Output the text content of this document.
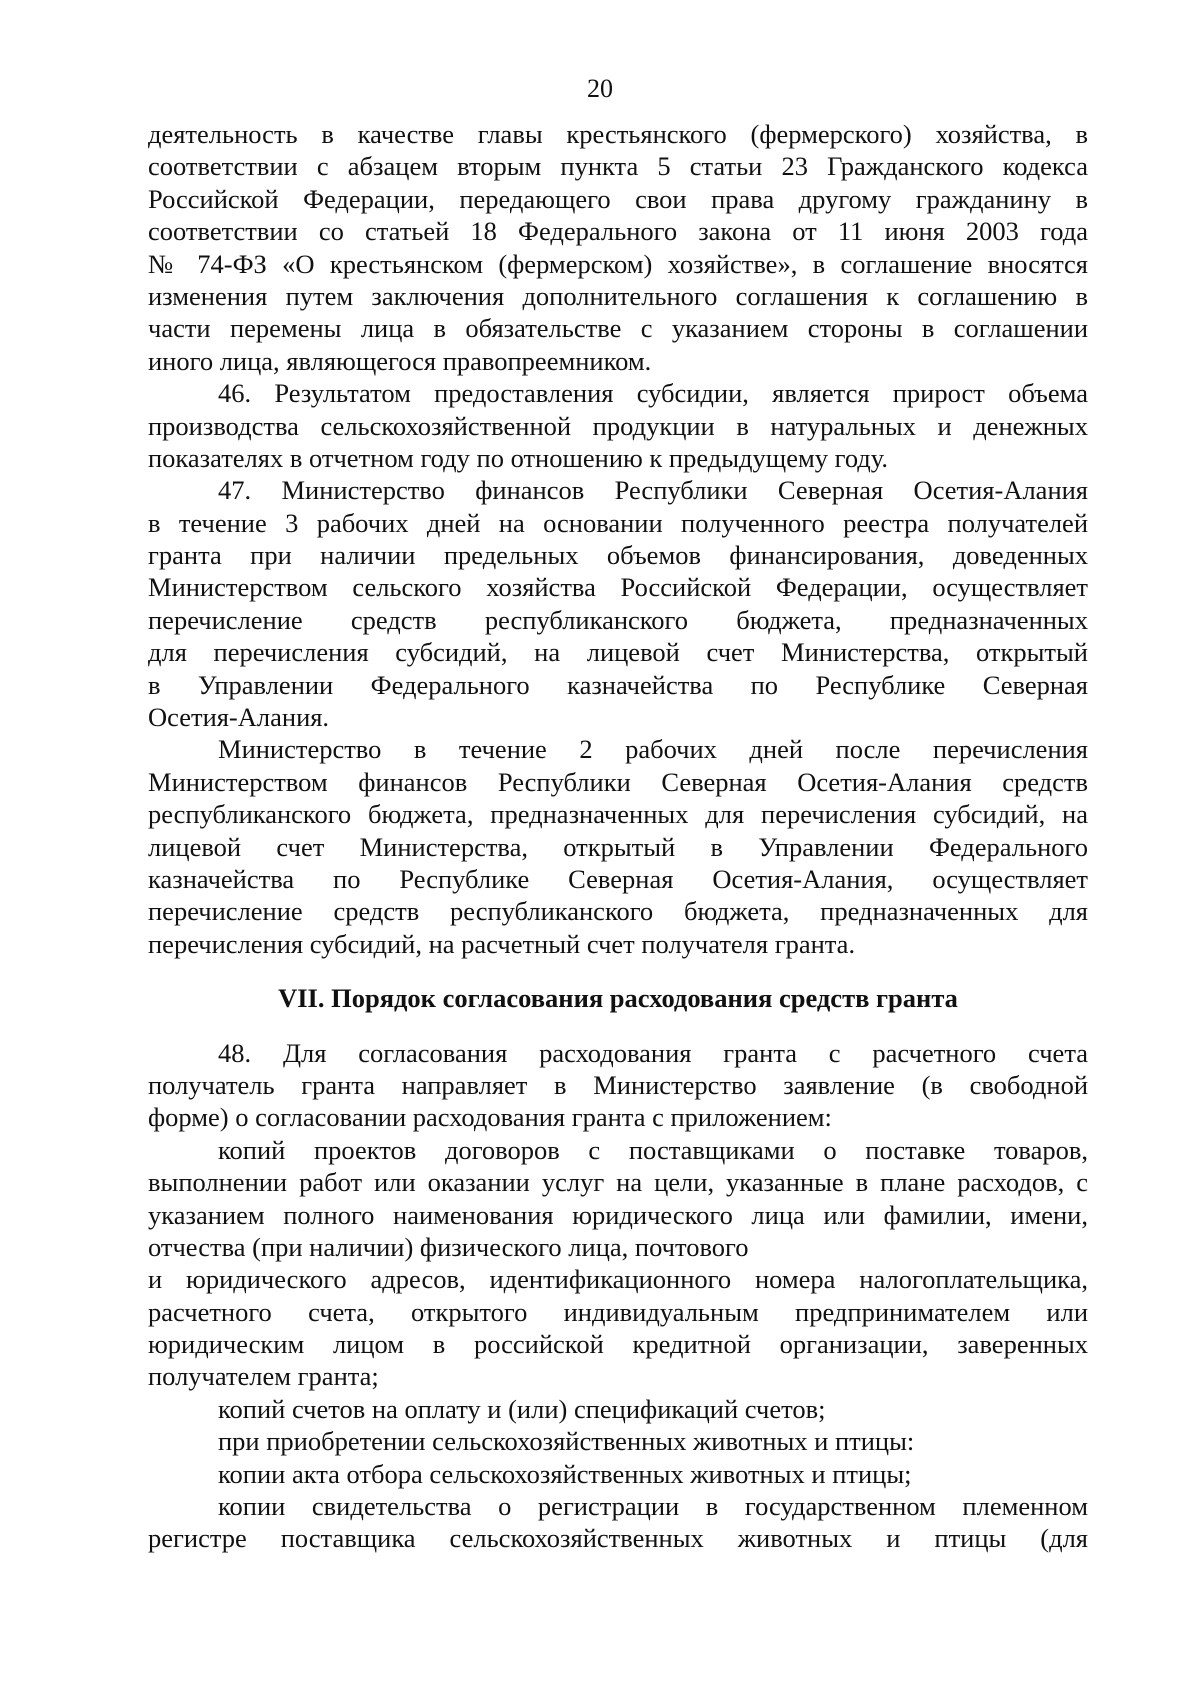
20
деятельность в качестве главы крестьянского (фермерского) хозяйства, в
соответствии с абзацем вторым пункта 5 статьи 23 Гражданского кодекса
Российской Федерации, передающего свои права другому гражданину в
соответствии со статьей 18 Федерального закона от 11 июня 2003 года
№ 74-ФЗ «О крестьянском (фермерском) хозяйстве», в соглашение вносятся
изменения путем заключения дополнительного соглашения к соглашению в
части перемены лица в обязательстве с указанием стороны в соглашении
иного лица, являющегося правопреемником.
46. Результатом предоставления субсидии, является прирост объема
производства сельскохозяйственной продукции в натуральных и денежных
показателях в отчетном году по отношению к предыдущему году.
47. Министерство финансов Республики Северная Осетия-Алания
в течение 3 рабочих дней на основании полученного реестра получателей
гранта при наличии предельных объемов финансирования, доведенных
Министерством сельского хозяйства Российской Федерации, осуществляет
перечисление средств республиканского бюджета, предназначенных
для перечисления субсидий, на лицевой счет Министерства, открытый
в Управлении Федерального казначейства по Республике Северная
Осетия-Алания.
Министерство в течение 2 рабочих дней после перечисления
Министерством финансов Республики Северная Осетия-Алания средств
республиканского бюджета, предназначенных для перечисления субсидий, на
лицевой счет Министерства, открытый в Управлении Федерального
казначейства по Республике Северная Осетия-Алания, осуществляет
перечисление средств республиканского бюджета, предназначенных для
перечисления субсидий, на расчетный счет получателя гранта.
VII. Порядок согласования расходования средств гранта
48. Для согласования расходования гранта с расчетного счета
получатель гранта направляет в Министерство заявление (в свободной
форме) о согласовании расходования гранта с приложением:
копий проектов договоров с поставщиками о поставке товаров,
выполнении работ или оказании услуг на цели, указанные в плане расходов, с
указанием полного наименования юридического лица или фамилии, имени,
отчества (при наличии) физического лица, почтового
и юридического адресов, идентификационного номера налогоплательщика,
расчетного счета, открытого индивидуальным предпринимателем или
юридическим лицом в российской кредитной организации, заверенных
получателем гранта;
копий счетов на оплату и (или) спецификаций счетов;
при приобретении сельскохозяйственных животных и птицы:
копии акта отбора сельскохозяйственных животных и птицы;
копии свидетельства о регистрации в государственном племенном
регистре поставщика сельскохозяйственных животных и птицы (для
